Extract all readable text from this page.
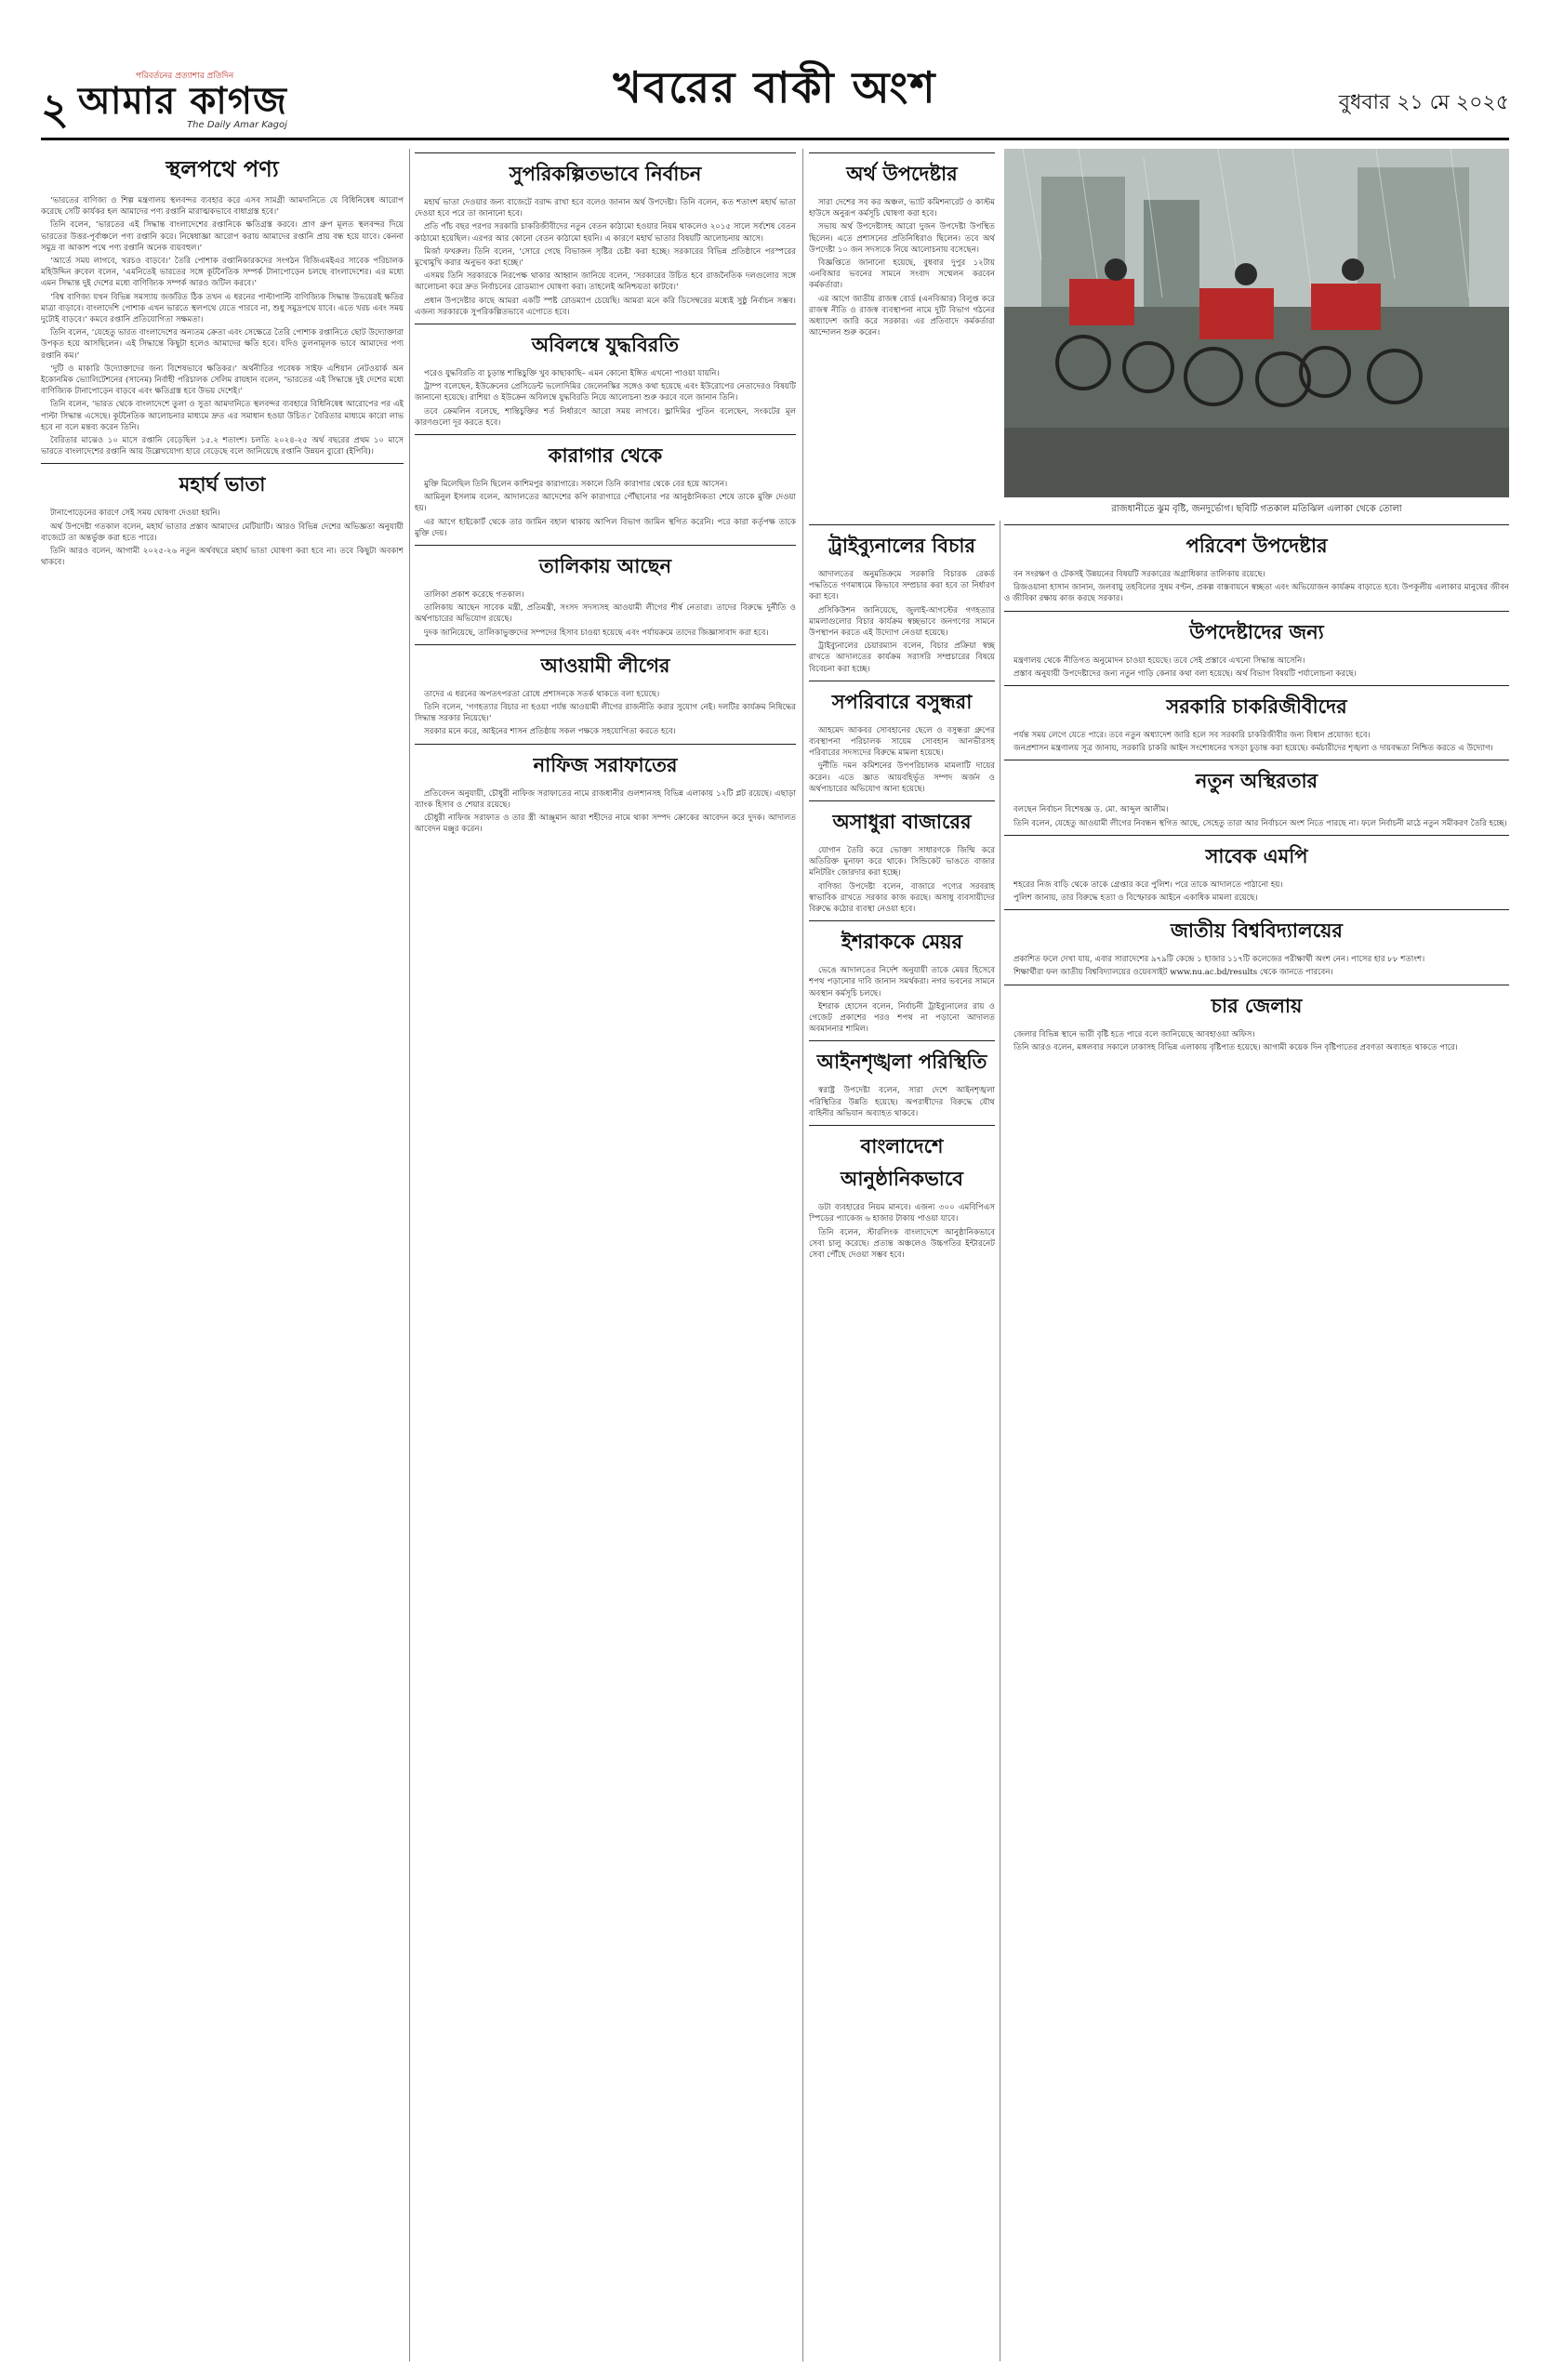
২
পরিবর্তনের প্রত্যাশার প্রতিদিন
আমার কাগজ
The Daily Amar Kagoj
খবরের বাকী অংশ	বুধবার ২১ মে ২০২৫
স্থলপথে পণ্য

‘ভারতের বাণিজ্য ও শিল্প মন্ত্রণালয় স্থলবন্দর ব্যবহার করে এসব সামগ্রী আমদানিতে যে বিধিনিষেধ আরোপ করেছে সেটি কার্যকর হল আমাদের পণ্য রপ্তানি মারাত্মকভাবে বাধাগ্রস্ত হবে।’

তিনি বলেন, ‘ভারতের এই সিদ্ধান্ত বাংলাদেশের রপ্তানিকে ক্ষতিগ্রস্ত করবে। প্রাণ গ্রুপ মূলত স্থলবন্দর দিয়ে ভারতের উত্তর-পূর্বাঞ্চলে পণ্য রপ্তানি করে। নিষেধাজ্ঞা আরোপ করায় আমাদের রপ্তানি প্রায় বন্ধ হয়ে যাবে। কেননা সমুদ্র বা আকাশ পথে পণ্য রপ্তানি অনেক ব্যয়বহুল।’

‘আর্তে সময় লাগবে, খরচও বাড়বে।’ তৈরি পোশাক রপ্তানিকারকদের সংগঠন বিজিএমইএর সাবেক পরিচালক মহিউদ্দিন রুবেল বলেন, ‘এমনিতেই ভারতের সঙ্গে কূটনৈতিক সম্পর্ক টানাপোড়েন চলছে বাংলাদেশের। এর মধ্যে এমন সিদ্ধান্ত দুই দেশের মধ্যে বাণিজ্যিক সম্পর্ক আরও জটিল করবে।’

‘বিশ্ব বাণিজ্য যখন বিভিন্ন সমস্যায় জর্জরিত ঠিক তখন এ ধরনের পাল্টাপাল্টি বাণিজ্যিক সিদ্ধান্ত উভয়েরই ক্ষতির মাত্রা বাড়াবে। বাংলাদেশি পোশাক এখন ভারতে স্থলপথে যেতে পারবে না, শুধু সমুদ্রপথে যাবে। এতে খরচ এবং সময় দুটোই বাড়বে।’ কমবে রপ্তানি প্রতিযোগিতা সক্ষমতা।

তিনি বলেন, ‘যেহেতু ভারত বাংলাদেশের অন্যতম ক্রেতা এবং সেক্ষেত্রে তৈরি পোশাক রপ্তানিতে ছোট উদ্যোক্তারা উপকৃত হয়ে আসছিলেন। এই সিদ্ধান্তে কিছুটা হলেও আমাদের ক্ষতি হবে। যদিও তুলনামূলক ভাবে আমাদের পণ্য রপ্তানি কম।’

‘দুটি ও মাকারি উদ্যোক্তাদের জন্য বিশেষভাবে ক্ষতিকর।’ অর্থনীতির গবেষক সাইফ এশিয়ান নেটওয়ার্ক অন ইকোনমিক ভ্যোলিটেশনের (সানেম) নির্বাহী পরিচালক সেলিম রায়হান বলেন, ‘ভারতের এই সিদ্ধান্তে দুই দেশের মধ্যে বাণিজ্যিক টানাপোড়েন বাড়বে এবং ক্ষতিগ্রস্ত হবে উভয় দেশেই।’

তিনি বলেন, ‘ভারত থেকে বাংলাদেশে তুলা ও সুতা আমদানিতে স্থলবন্দর ব্যবহারে বিধিনিষেধ আরোপের পর এই পাল্টা সিদ্ধান্ত এসেছে। কূটনৈতিক আলোচনার মাধ্যমে দ্রুত এর সমাধান হওয়া উচিত।’ বৈরিতার মাধ্যমে কারো লাভ হবে না বলে মন্তব্য করেন তিনি।

বৈরিতার মাঝেও ১০ মাসে রপ্তানি বেড়েছিল ১৫.২ শতাংশ। চলতি ২০২৪-২৫ অর্থ বছরের প্রথম ১০ মাসে ভারতে বাংলাদেশের রপ্তানি আয় উল্লেখযোগ্য হারে বেড়েছে বলে জানিয়েছে রপ্তানি উন্নয়ন ব্যুরো (ইপিবি)।

মহার্ঘ ভাতা

টানাপোড়েনের কারণে সেই সময় ঘোষণা দেওয়া হয়নি।

অর্থ উপদেষ্টা গতকাল বলেন, মহার্ঘ ভাতার প্রস্তাব আমাদের মেটিয়াটি। আরও বিভিন্ন দেশের অভিজ্ঞতা অনুযায়ী বাজেটে তা অন্তর্ভুক্ত করা হতে পারে।

তিনি আরও বলেন, আগামী ২০২৫-২৬ নতুন অর্থবছরে মহার্ঘ ভাতা ঘোষণা করা হবে না। তবে কিছুটা অবকাশ থাকবে।

সুপরিকল্পিতভাবে নির্বাচন

মহার্ঘ ভাতা দেওয়ার জন্য বাজেটে বরাদ্দ রাখা হবে বলেও জানান অর্থ উপদেষ্টা। তিনি বলেন, কত শতাংশ মহার্ঘ ভাতা দেওয়া হবে পরে তা জানানো হবে।

প্রতি পাঁচ বছর পরপর সরকারি চাকরিজীবীদের নতুন বেতন কাঠামো হওয়ার নিয়ম থাকলেও ২০১৫ সালে সর্বশেষ বেতন কাঠামো হয়েছিল। এরপর আর কোনো বেতন কাঠামো হয়নি। এ কারণে মহার্ঘ ভাতার বিষয়টি আলোচনায় আসে।

মির্জা ফখরুল। তিনি বলেন, ‘সোরে গেছে বিভাজন সৃষ্টির চেষ্টা করা হচ্ছে। সরকারের বিভিন্ন প্রতিষ্ঠানে পরস্পরের মুখোমুখি করার অনুভব করা হচ্ছে।’

এসময় তিনি সরকারকে নিরপেক্ষ থাকার আহ্বান জানিয়ে বলেন, ‘সরকারের উচিত হবে রাজনৈতিক দলগুলোর সঙ্গে আলোচনা করে দ্রুত নির্বাচনের রোডম্যাপ ঘোষণা করা। তাহলেই অনিশ্চয়তা কাটবে।’

প্রধান উপদেষ্টার কাছে আমরা একটি স্পষ্ট রোডম্যাপ চেয়েছি। আমরা মনে করি ডিসেম্বরের মধ্যেই সুষ্ঠু নির্বাচন সম্ভব। এজন্য সরকারকে সুপরিকল্পিতভাবে এগোতে হবে।

অবিলম্বে যুদ্ধবিরতি

পরেও যুদ্ধবিরতি বা চূড়ান্ত শান্তিচুক্তি খুব কাছাকাছি– এমন কোনো ইঙ্গিত এখনো পাওয়া যায়নি।

ট্রাম্প বলেছেন, ইউক্রেনের প্রেসিডেন্ট ভলোদিমির জেলেনস্কির সঙ্গেও কথা হয়েছে এবং ইউরোপের নেতাদেরও বিষয়টি জানানো হয়েছে। রাশিয়া ও ইউক্রেন অবিলম্বে যুদ্ধবিরতি নিয়ে আলোচনা শুরু করবে বলে জানান তিনি।

তবে ক্রেমলিন বলেছে, শান্তিচুক্তির শর্ত নির্ধারণে আরো সময় লাগবে। ভ্লাদিমির পুতিন বলেছেন, সংকটের মূল কারণগুলো দূর করতে হবে।

কারাগার থেকে

মুক্তি মিলেছিল তিনি ছিলেন কাশিমপুর কারাগারে। সকালে তিনি কারাগার থেকে বের হয়ে আসেন।

আমিনুল ইসলাম বলেন, আদালতের আদেশের কপি কারাগারে পৌঁছানোর পর আনুষ্ঠানিকতা শেষে তাকে মুক্তি দেওয়া হয়।

এর আগে হাইকোর্ট থেকে তার জামিন বহাল থাকায় আপিল বিভাগ জামিন স্থগিত করেনি। পরে কারা কর্তৃপক্ষ তাকে মুক্তি দেয়।

তালিকায় আছেন

তালিকা প্রকাশ করেছে গতকাল।

তালিকায় আছেন সাবেক মন্ত্রী, প্রতিমন্ত্রী, সংসদ সদস্যসহ আওয়ামী লীগের শীর্ষ নেতারা। তাদের বিরুদ্ধে দুর্নীতি ও অর্থপাচারের অভিযোগ রয়েছে।

দুদক জানিয়েছে, তালিকাভুক্তদের সম্পদের হিসাব চাওয়া হয়েছে এবং পর্যায়ক্রমে তাদের জিজ্ঞাসাবাদ করা হবে।

আওয়ামী লীগের

তাদের এ ধরনের অপতৎপরতা রোধে প্রশাসনকে সতর্ক থাকতে বলা হয়েছে।

তিনি বলেন, ‘গণহত্যার বিচার না হওয়া পর্যন্ত আওয়ামী লীগের রাজনীতি করার সুযোগ নেই। দলটির কার্যক্রম নিষিদ্ধের সিদ্ধান্ত সরকার নিয়েছে।’

সরকার মনে করে, আইনের শাসন প্রতিষ্ঠায় সকল পক্ষকে সহযোগিতা করতে হবে।

নাফিজ সরাফাতের

প্রতিবেদন অনুযায়ী, চৌধুরী নাফিজ সরাফাতের নামে রাজধানীর গুলশানসহ বিভিন্ন এলাকায় ১২টি প্লট রয়েছে। এছাড়া ব্যাংক হিসাব ও শেয়ার রয়েছে।

চৌধুরী নাফিজ সরাফাত ও তার স্ত্রী আঞ্জুমান আরা শহীদের নামে থাকা সম্পদ ক্রোকের আবেদন করে দুদক। আদালত আবেদন মঞ্জুর করেন।

অর্থ উপদেষ্টার

সারা দেশের সব কর অঞ্চল, ভ্যাট কমিশনারেট ও কাস্টম হাউসে অনুরূপ কর্মসূচি ঘোষণা করা হবে।

সভায় অর্থ উপদেষ্টাসহ আরো দুজন উপদেষ্টা উপস্থিত ছিলেন। এতে প্রশাসনের প্রতিনিধিরাও ছিলেন। তবে অর্থ উপদেষ্টা ১০ জন সদস্যকে নিয়ে আলোচনায় বসেছেন।

বিজ্ঞপ্তিতে জানানো হয়েছে, বুধবার দুপুর ১২টায় এনবিআর ভবনের সামনে সংবাদ সম্মেলন করবেন কর্মকর্তারা।

এর আগে জাতীয় রাজস্ব বোর্ড (এনবিআর) বিলুপ্ত করে রাজস্ব নীতি ও রাজস্ব ব্যবস্থাপনা নামে দুটি বিভাগ গঠনের অধ্যাদেশ জারি করে সরকার। এর প্রতিবাদে কর্মকর্তারা আন্দোলন শুরু করেন।

রাজধানীতে ঝুম বৃষ্টি, জনদুর্ভোগ। ছবিটি গতকাল মতিঝিল এলাকা থেকে তোলা
ট্রাইব্যুনালের বিচার

আদালতের অনুমতিক্রমে সরকারি বিচারক রেকর্ড পদ্ধতিতে গণমাধ্যমে কিভাবে সম্প্রচার করা হবে তা নির্ধারণ করা হবে।

প্রসিকিউশন জানিয়েছে, জুলাই-আগস্টের গণহত্যার মামলাগুলোর বিচার কার্যক্রম স্বচ্ছভাবে জনগণের সামনে উপস্থাপন করতে এই উদ্যোগ নেওয়া হয়েছে।

ট্রাইব্যুনালের চেয়ারম্যান বলেন, বিচার প্রক্রিয়া স্বচ্ছ রাখতে আদালতের কার্যক্রম সরাসরি সম্প্রচারের বিষয়ে বিবেচনা করা হচ্ছে।

সপরিবারে বসুন্ধরা

আহমেদ আকবর সোবহানের ছেলে ও বসুন্ধরা গ্রুপের ব্যবস্থাপনা পরিচালক সায়েম সোবহান আনভীরসহ পরিবারের সদস্যদের বিরুদ্ধে মামলা হয়েছে।

দুর্নীতি দমন কমিশনের উপপরিচালক মামলাটি দায়ের করেন। এতে জ্ঞাত আয়বহির্ভূত সম্পদ অর্জন ও অর্থপাচারের অভিযোগ আনা হয়েছে।

অসাধুরা বাজারের

যোগান তৈরি করে ভোক্তা সাধারণকে জিম্মি করে অতিরিক্ত মুনাফা করে থাকে। সিন্ডিকেট ভাঙতে বাজার মনিটরিং জোরদার করা হচ্ছে।

বাণিজ্য উপদেষ্টা বলেন, বাজারে পণ্যের সরবরাহ স্বাভাবিক রাখতে সরকার কাজ করছে। অসাধু ব্যবসায়ীদের বিরুদ্ধে কঠোর ব্যবস্থা নেওয়া হবে।

ইশরাককে মেয়র

ভেঙে আদালতের নির্দেশ অনুযায়ী তাকে মেয়র হিসেবে শপথ পড়ানোর দাবি জানান সমর্থকরা। নগর ভবনের সামনে অবস্থান কর্মসূচি চলছে।

ইশরাক হোসেন বলেন, নির্বাচনী ট্রাইব্যুনালের রায় ও গেজেট প্রকাশের পরও শপথ না পড়ানো আদালত অবমাননার শামিল।

আইনশৃঙ্খলা পরিস্থিতি

স্বরাষ্ট্র উপদেষ্টা বলেন, সারা দেশে আইনশৃঙ্খলা পরিস্থিতির উন্নতি হয়েছে। অপরাধীদের বিরুদ্ধে যৌথ বাহিনীর অভিযান অব্যাহত থাকবে।

বাংলাদেশে আনুষ্ঠানিকভাবে

ডটা ব্যবহারের নিয়ম মানবে। এজন্য ৩০০ এমবিপিএস স্পিডের প্যাকেজ ৬ হাজার টাকায় পাওয়া যাবে।

তিনি বলেন, স্টারলিংক বাংলাদেশে আনুষ্ঠানিকভাবে সেবা চালু করেছে। প্রত্যন্ত অঞ্চলেও উচ্চগতির ইন্টারনেট সেবা পৌঁছে দেওয়া সম্ভব হবে।

পরিবেশ উপদেষ্টার

বন সংরক্ষণ ও টেকসই উন্নয়নের বিষয়টি সরকারের অগ্রাধিকার তালিকায় রয়েছে।

রিজওয়ানা হাসান জানান, জলবায়ু তহবিলের সুষম বণ্টন, প্রকল্প বাস্তবায়নে স্বচ্ছতা এবং অভিযোজন কার্যক্রম বাড়াতে হবে। উপকূলীয় এলাকার মানুষের জীবন ও জীবিকা রক্ষায় কাজ করছে সরকার।

উপদেষ্টাদের জন্য

মন্ত্রণালয় থেকে নীতিগত অনুমোদন চাওয়া হয়েছে। তবে সেই প্রস্তাবে এখনো সিদ্ধান্ত আসেনি।

প্রস্তাব অনুযায়ী উপদেষ্টাদের জন্য নতুন গাড়ি কেনার কথা বলা হয়েছে। অর্থ বিভাগ বিষয়টি পর্যালোচনা করছে।

সরকারি চাকরিজীবীদের

পর্যন্ত সময় লেগে যেতে পারে। তবে নতুন অধ্যাদেশ জারি হলে সব সরকারি চাকরিজীবীর জন্য বিধান প্রযোজ্য হবে।

জনপ্রশাসন মন্ত্রণালয় সূত্র জানায়, সরকারি চাকরি আইন সংশোধনের খসড়া চূড়ান্ত করা হয়েছে। কর্মচারীদের শৃঙ্খলা ও দায়বদ্ধতা নিশ্চিত করতে এ উদ্যোগ।

নতুন অস্থিরতার

বলছেন নির্বাচন বিশেষজ্ঞ ড. মো. আব্দুল আলীম।

তিনি বলেন, যেহেতু আওয়ামী লীগের নিবন্ধন স্থগিত আছে, সেহেতু তারা আর নির্বাচনে অংশ নিতে পারছে না। ফলে নির্বাচনী মাঠে নতুন সমীকরণ তৈরি হচ্ছে।

সাবেক এমপি

শহরের নিজ বাড়ি থেকে তাকে গ্রেপ্তার করে পুলিশ। পরে তাকে আদালতে পাঠানো হয়।

পুলিশ জানায়, তার বিরুদ্ধে হত্যা ও বিস্ফোরক আইনে একাধিক মামলা রয়েছে।

জাতীয় বিশ্ববিদ্যালয়ের

প্রকাশিত ফলে দেখা যায়, এবার সারাদেশের ৯৭৯টি কেন্দ্রে ১ হাজার ১১৭টি কলেজের পরীক্ষার্থী অংশ নেন। পাসের হার ৮৮ শতাংশ।

শিক্ষার্থীরা ফল জাতীয় বিশ্ববিদ্যালয়ের ওয়েবসাইট www.nu.ac.bd/results থেকে জানতে পারবেন।

চার জেলায়

জেলার বিভিন্ন স্থানে ভারী বৃষ্টি হতে পারে বলে জানিয়েছে আবহাওয়া অফিস।

তিনি আরও বলেন, মঙ্গলবার সকালে ঢাকাসহ বিভিন্ন এলাকায় বৃষ্টিপাত হয়েছে। আগামী কয়েক দিন বৃষ্টিপাতের প্রবণতা অব্যাহত থাকতে পারে।
